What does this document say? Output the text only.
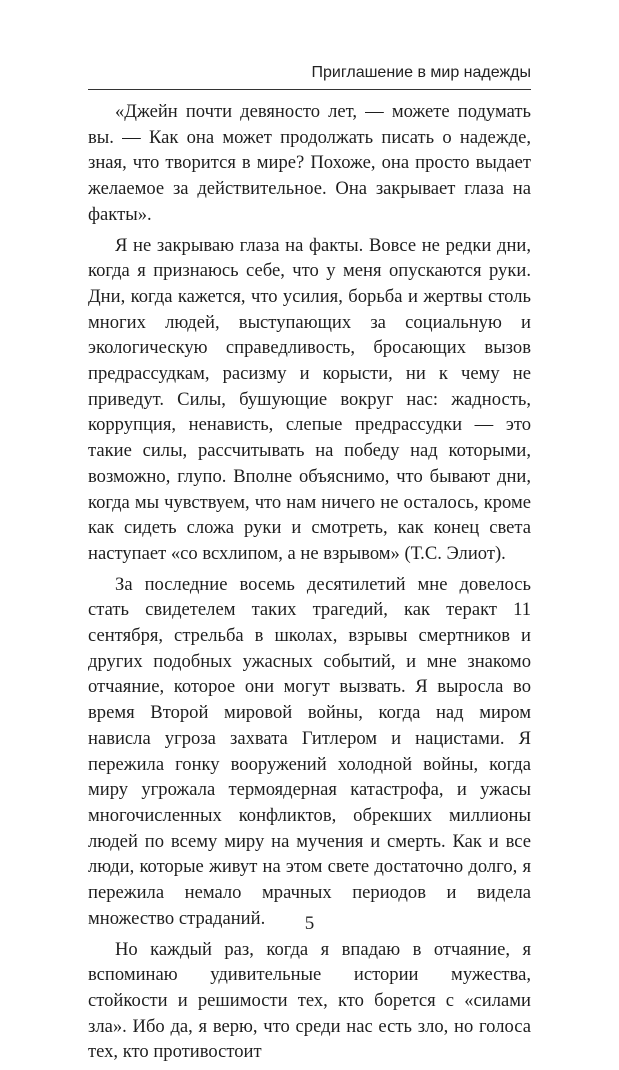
Приглашение в мир надежды

«Джейн почти девяносто лет, — можете подумать вы. — Как она может продолжать писать о надежде, зная, что творится в мире? Похоже, она просто выдает желаемое за действительное. Она закрывает глаза на факты».

Я не закрываю глаза на факты. Вовсе не редки дни, когда я признаюсь себе, что у меня опускаются руки. Дни, когда кажется, что усилия, борьба и жертвы столь многих людей, выступающих за социальную и экологическую справедливость, бросающих вызов предрассудкам, расизму и корысти, ни к чему не приведут. Силы, бушующие вокруг нас: жадность, коррупция, ненависть, слепые предрассудки — это такие силы, рассчитывать на победу над которыми, возможно, глупо. Вполне объяснимо, что бывают дни, когда мы чувствуем, что нам ничего не осталось, кроме как сидеть сложа руки и смотреть, как конец света наступает «со всхлипом, а не взрывом» (Т.С. Элиот).

За последние восемь десятилетий мне довелось стать свидетелем таких трагедий, как теракт 11 сентября, стрельба в школах, взрывы смертников и других подобных ужасных событий, и мне знакомо отчаяние, которое они могут вызвать. Я выросла во время Второй мировой войны, когда над миром нависла угроза захвата Гитлером и нацистами. Я пережила гонку вооружений холодной войны, когда миру угрожала термоядерная катастрофа, и ужасы многочисленных конфликтов, обрекших миллионы людей по всему миру на мучения и смерть. Как и все люди, которые живут на этом свете достаточно долго, я пережила немало мрачных периодов и видела множество страданий.

Но каждый раз, когда я впадаю в отчаяние, я вспоминаю удивительные истории мужества, стойкости и решимости тех, кто борется с «силами зла». Ибо да, я верю, что среди нас есть зло, но голоса тех, кто противостоит

5
